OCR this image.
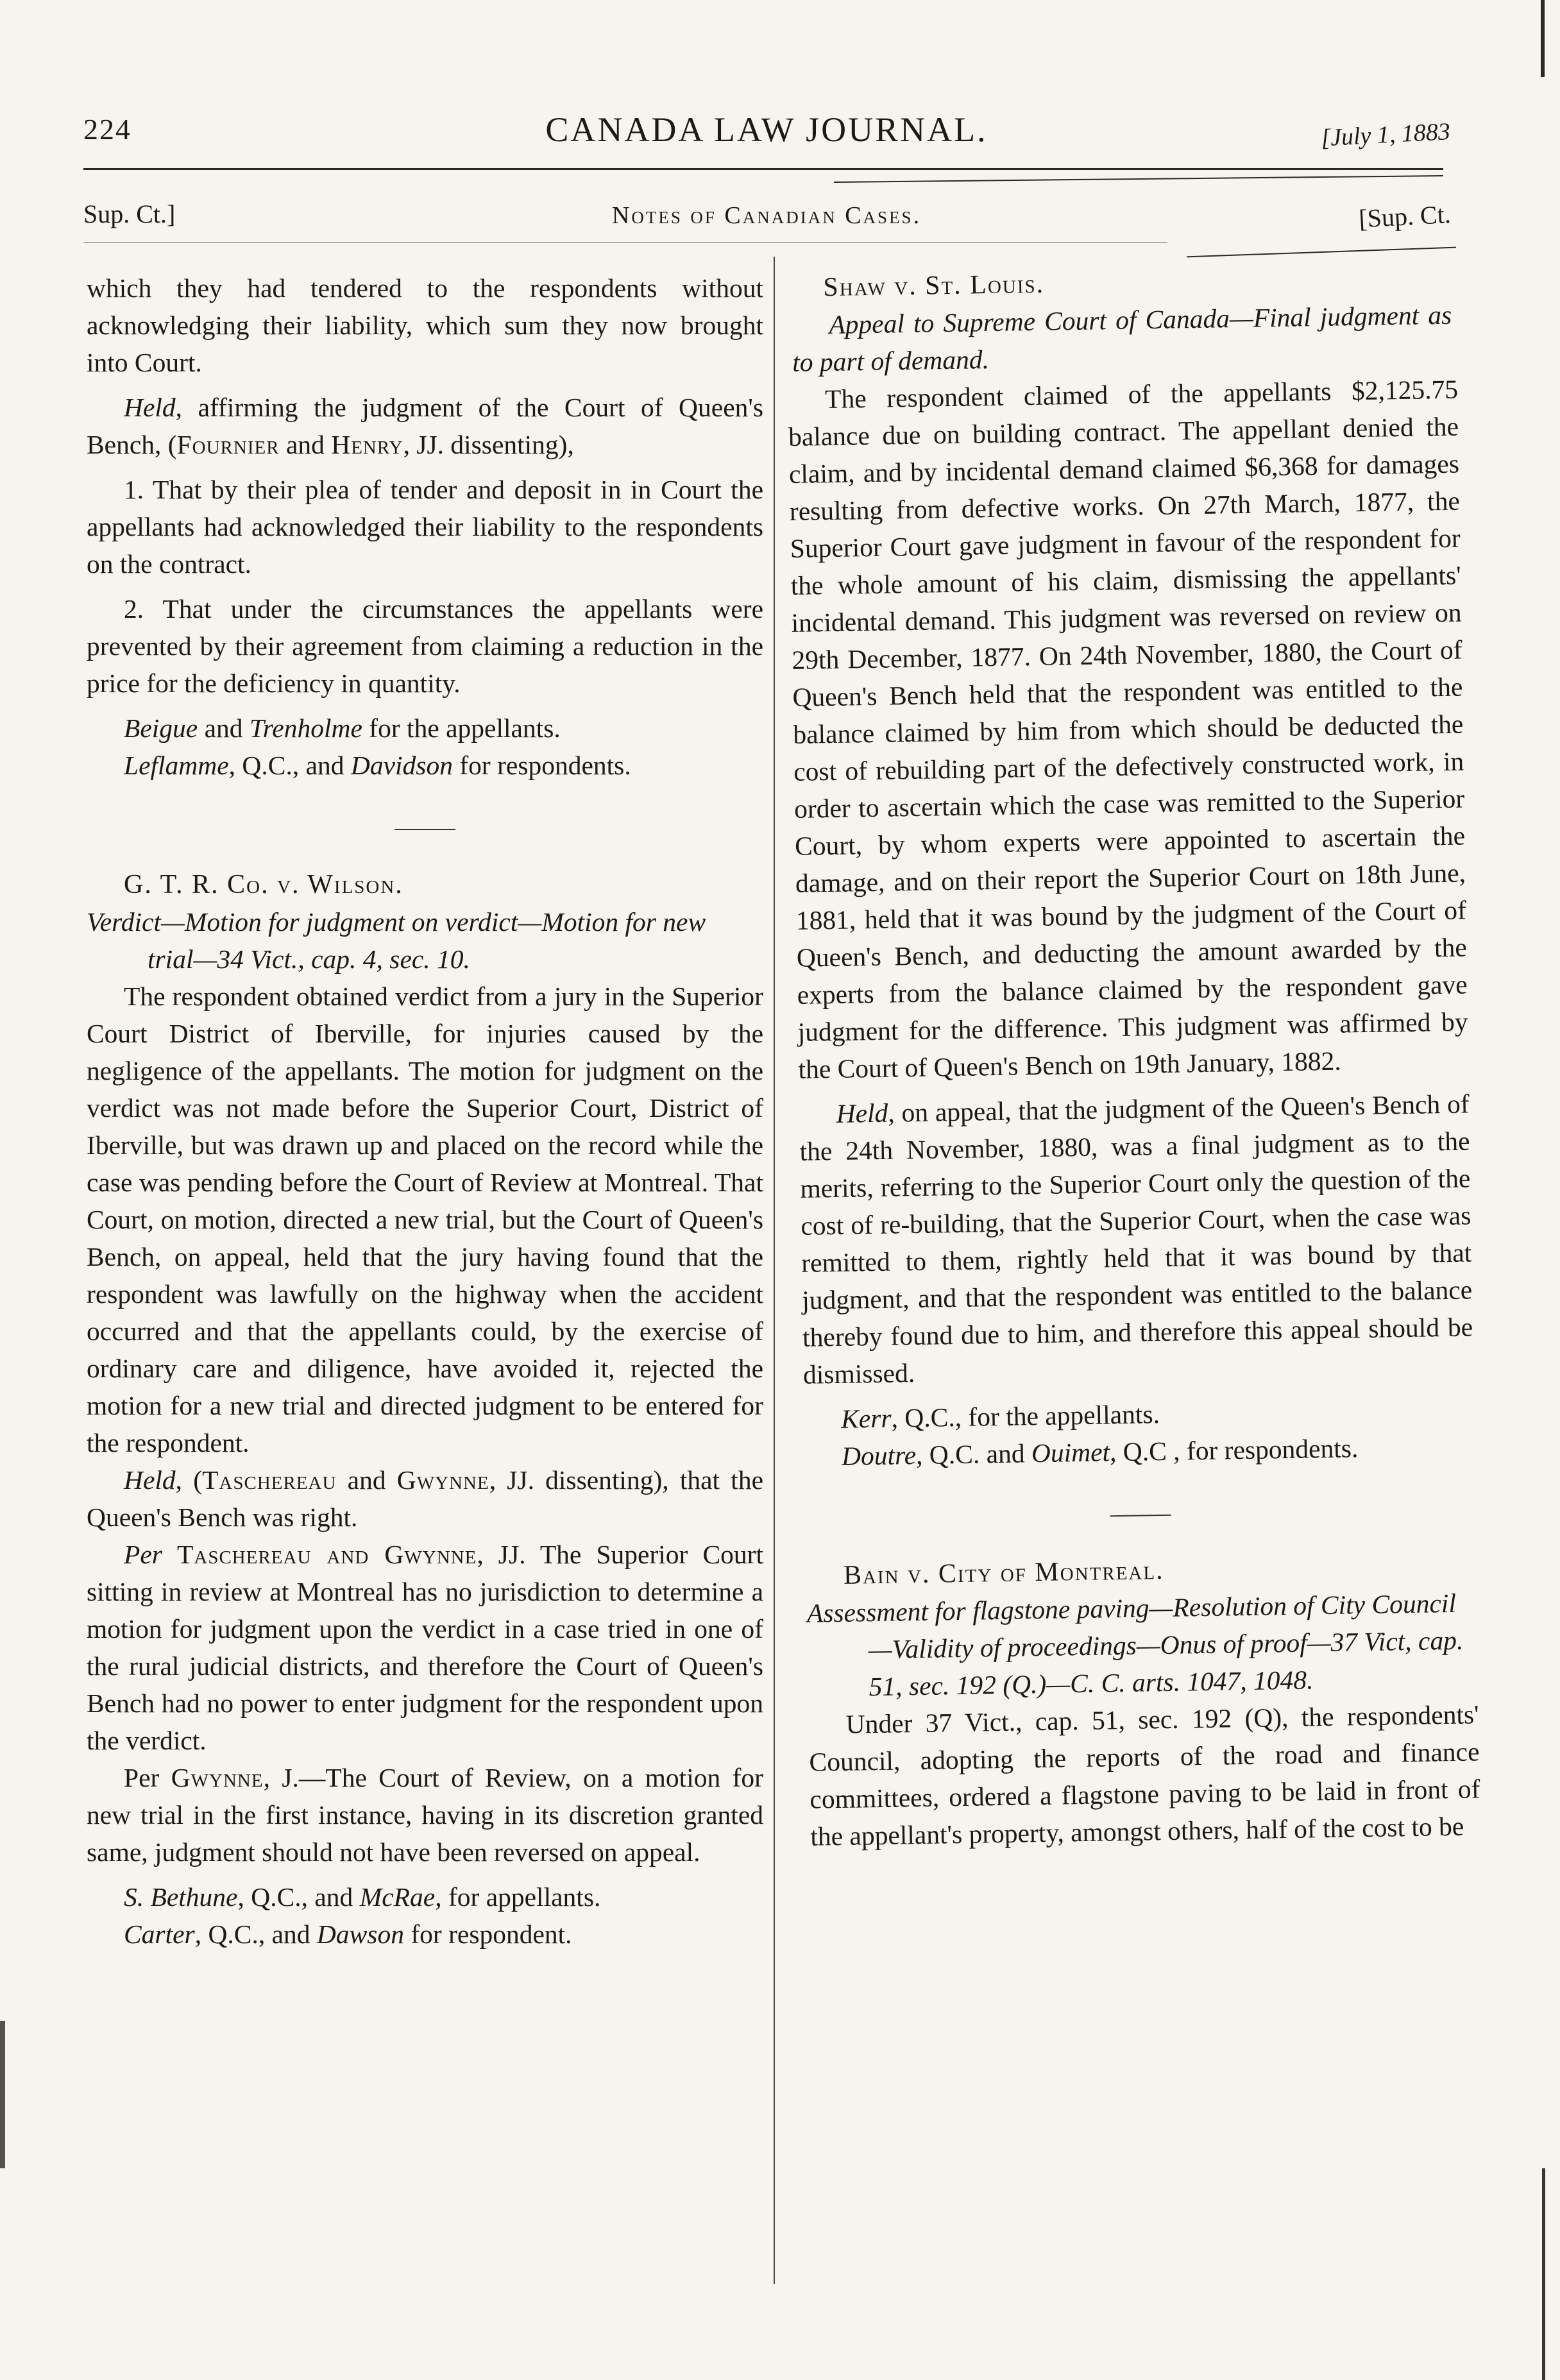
224	CANADA LAW JOURNAL.	[July 1, 1883
Sup. Ct.]	Notes of Canadian Cases.	[Sup. Ct.

which they had tendered to the respondents without acknowledging their liability, which sum they now brought into Court.

Held, affirming the judgment of the Court of Queen's Bench, (Fournier and Henry, JJ. dissenting),

1. That by their plea of tender and deposit in in Court the appellants had acknowledged their liability to the respondents on the contract.

2. That under the circumstances the appellants were prevented by their agreement from claiming a reduction in the price for the deficiency in quantity.

Beigue and Trenholme for the appellants.

Leflamme, Q.C., and Davidson for respondents.

G. T. R. Co. v. Wilson.

Verdict—Motion for judgment on verdict—Motion for new trial—34 Vict., cap. 4, sec. 10.

The respondent obtained verdict from a jury in the Superior Court District of Iberville, for injuries caused by the negligence of the appellants. The motion for judgment on the verdict was not made before the Superior Court, District of Iberville, but was drawn up and placed on the record while the case was pending before the Court of Review at Montreal. That Court, on motion, directed a new trial, but the Court of Queen's Bench, on appeal, held that the jury having found that the respondent was lawfully on the highway when the accident occurred and that the appellants could, by the exercise of ordinary care and diligence, have avoided it, rejected the motion for a new trial and directed judgment to be entered for the respondent.

Held, (Taschereau and Gwynne, JJ. dissenting), that the Queen's Bench was right.

Per Taschereau and Gwynne, JJ. The Superior Court sitting in review at Montreal has no jurisdiction to determine a motion for judgment upon the verdict in a case tried in one of the rural judicial districts, and therefore the Court of Queen's Bench had no power to enter judgment for the respondent upon the verdict.

Per Gwynne, J.—The Court of Review, on a motion for new trial in the first instance, having in its discretion granted same, judgment should not have been reversed on appeal.

S. Bethune, Q.C., and McRae, for appellants.

Carter, Q.C., and Dawson for respondent.

Shaw v. St. Louis.

Appeal to Supreme Court of Canada—Final judgment as to part of demand.

The respondent claimed of the appellants $2,125.75 balance due on building contract. The appellant denied the claim, and by incidental demand claimed $6,368 for damages resulting from defective works. On 27th March, 1877, the Superior Court gave judgment in favour of the respondent for the whole amount of his claim, dismissing the appellants' incidental demand. This judgment was reversed on review on 29th December, 1877. On 24th November, 1880, the Court of Queen's Bench held that the respondent was entitled to the balance claimed by him from which should be deducted the cost of rebuilding part of the defectively constructed work, in order to ascertain which the case was remitted to the Superior Court, by whom experts were appointed to ascertain the damage, and on their report the Superior Court on 18th June, 1881, held that it was bound by the judgment of the Court of Queen's Bench, and deducting the amount awarded by the experts from the balance claimed by the respondent gave judgment for the difference. This judgment was affirmed by the Court of Queen's Bench on 19th January, 1882.

Held, on appeal, that the judgment of the Queen's Bench of the 24th November, 1880, was a final judgment as to the merits, referring to the Superior Court only the question of the cost of re-building, that the Superior Court, when the case was remitted to them, rightly held that it was bound by that judgment, and that the respondent was entitled to the balance thereby found due to him, and therefore this appeal should be dismissed.

Kerr, Q.C., for the appellants.

Doutre, Q.C. and Ouimet, Q.C , for respondents.

Bain v. City of Montreal.

Assessment for flagstone paving—Resolution of City Council—Validity of proceedings—Onus of proof—37 Vict, cap. 51, sec. 192 (Q.)—C. C. arts. 1047, 1048.

Under 37 Vict., cap. 51, sec. 192 (Q), the respondents' Council, adopting the reports of the road and finance committees, ordered a flagstone paving to be laid in front of the appellant's property, amongst others, half of the cost to be
